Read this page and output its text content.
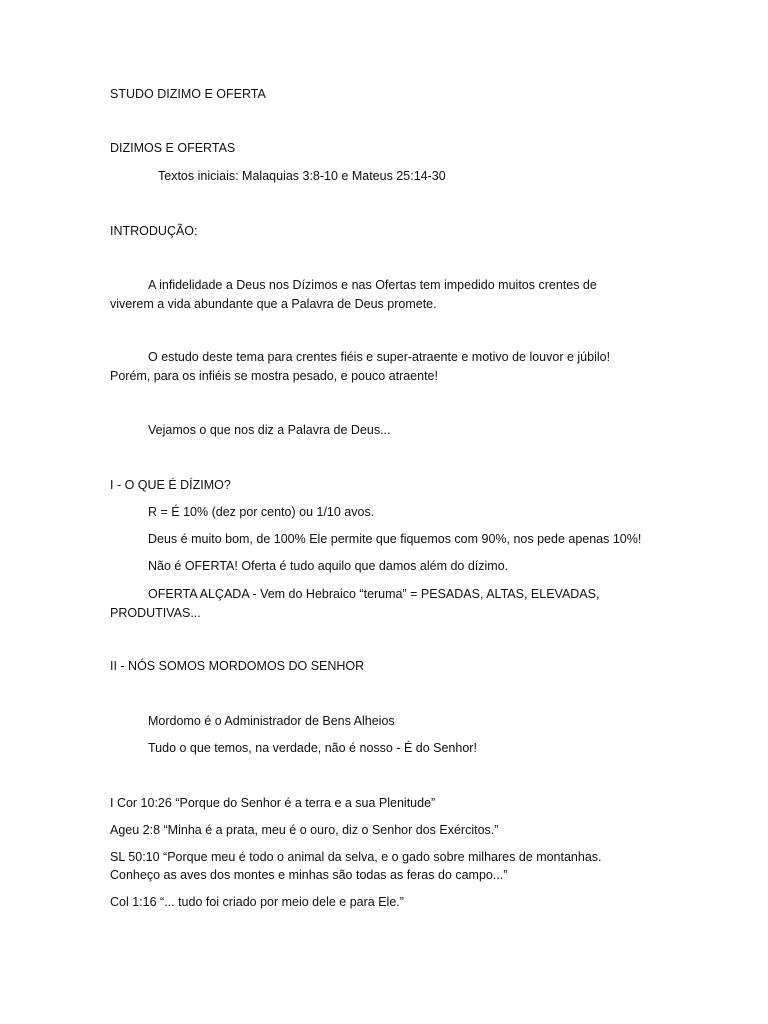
STUDO DIZIMO E OFERTA
DIZIMOS E OFERTAS
Textos iniciais: Malaquias 3:8-10 e Mateus 25:14-30
INTRODUÇÃO:
A infidelidade a Deus nos Dízimos e nas Ofertas tem impedido muitos crentes de
viverem a vida abundante que a Palavra de Deus promete.
O estudo deste tema para crentes fiéis e super-atraente e motivo de louvor e júbilo!
Porém, para os infiéis se mostra pesado, e pouco atraente!
Vejamos o que nos diz a Palavra de Deus...
I - O QUE É DÍZIMO?
R = É 10% (dez por cento) ou 1/10 avos.
Deus é muito bom, de 100% Ele permite que fiquemos com 90%, nos pede apenas 10%!
Não é OFERTA! Oferta é tudo aquilo que damos além do dízimo.
OFERTA ALÇADA - Vem do Hebraico “teruma” = PESADAS, ALTAS, ELEVADAS,
PRODUTIVAS...
II - NÓS SOMOS MORDOMOS DO SENHOR
Mordomo é o Administrador de Bens Alheios
Tudo o que temos, na verdade, não é nosso - É do Senhor!
I Cor 10:26 “Porque do Senhor é a terra e a sua Plenitude”
Ageu 2:8 “Minha é a prata, meu é o ouro, diz o Senhor dos Exércitos.”
SL 50:10 “Porque meu é todo o animal da selva, e o gado sobre milhares de montanhas.
Conheço as aves dos montes e minhas são todas as feras do campo...”
Col 1:16 “... tudo foi criado por meio dele e para Ele.”
